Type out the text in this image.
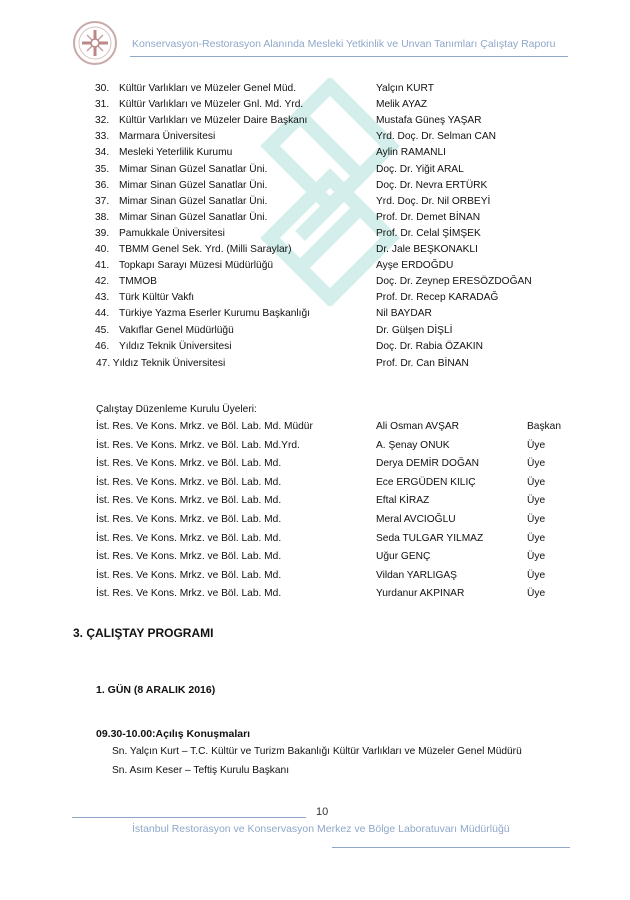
Konservasyon-Restorasyon Alanında Mesleki Yetkinlik ve Unvan Tanımları Çalıştay Raporu
30. Kültür Varlıkları ve Müzeler Genel Müd.	Yalçın KURT
31. Kültür Varlıkları ve Müzeler Gnl. Md. Yrd.	Melik AYAZ
32. Kültür Varlıkları ve Müzeler Daire Başkanı	Mustafa Güneş YAŞAR
33. Marmara Üniversitesi	Yrd. Doç. Dr. Selman CAN
34. Mesleki Yeterlilik Kurumu	Aylin RAMANLI
35. Mimar Sinan Güzel Sanatlar Üni.	Doç. Dr. Yiğit ARAL
36. Mimar Sinan Güzel Sanatlar Üni.	Doç. Dr. Nevra ERTÜRK
37. Mimar Sinan Güzel Sanatlar Üni.	Yrd. Doç. Dr. Nil ORBEYİ
38. Mimar Sinan Güzel Sanatlar Üni.	Prof. Dr. Demet BİNAN
39. Pamukkale Üniversitesi	Prof. Dr. Celal ŞİMŞEK
40. TBMM Genel Sek. Yrd. (Milli Saraylar)	Dr. Jale BEŞKONAKLI
41. Topkapı Sarayı Müzesi Müdürlüğü	Ayşe ERDOĞDU
42. TMMOB	Doç. Dr. Zeynep ERESÖZDOĞAN
43. Türk Kültür Vakfı	Prof. Dr. Recep KARADAĞ
44. Türkiye Yazma Eserler Kurumu Başkanlığı	Nil BAYDAR
45. Vakıflar Genel Müdürlüğü	Dr. Gülşen DİŞLİ
46. Yıldız Teknik Üniversitesi	Doç. Dr. Rabia ÖZAKIN
47. Yıldız Teknik Üniversitesi	Prof. Dr. Can BİNAN
Çalıştay Düzenleme Kurulu Üyeleri:
İst. Res. Ve Kons. Mrkz. ve Böl. Lab. Md. Müdür	Ali Osman AVŞAR	Başkan
İst. Res. Ve Kons. Mrkz. ve Böl. Lab. Md.Yrd.	A. Şenay ONUK	Üye
İst. Res. Ve Kons. Mrkz. ve Böl. Lab. Md.	Derya DEMİR DOĞAN	Üye
İst. Res. Ve Kons. Mrkz. ve Böl. Lab. Md.	Ece ERGÜDEN KILIÇ	Üye
İst. Res. Ve Kons. Mrkz. ve Böl. Lab. Md.	Eftal KİRAZ	Üye
İst. Res. Ve Kons. Mrkz. ve Böl. Lab. Md.	Meral AVCIOĞLU	Üye
İst. Res. Ve Kons. Mrkz. ve Böl. Lab. Md.	Seda TULGAR YILMAZ	Üye
İst. Res. Ve Kons. Mrkz. ve Böl. Lab. Md.	Uğur GENÇ	Üye
İst. Res. Ve Kons. Mrkz. ve Böl. Lab. Md.	Vildan YARLIGAŞ	Üye
İst. Res. Ve Kons. Mrkz. ve Böl. Lab. Md.	Yurdanur AKPINAR	Üye
3. ÇALIŞTAY PROGRAMI
1. GÜN (8 ARALIK 2016)
09.30-10.00:Açılış Konuşmaları
Sn. Yalçın Kurt – T.C. Kültür ve Turizm Bakanlığı Kültür Varlıkları ve Müzeler Genel Müdürü
Sn. Asım Keser – Teftiş Kurulu Başkanı
10
İstanbul Restorasyon ve Konservasyon Merkez ve Bölge Laboratuvarı Müdürlüğü
